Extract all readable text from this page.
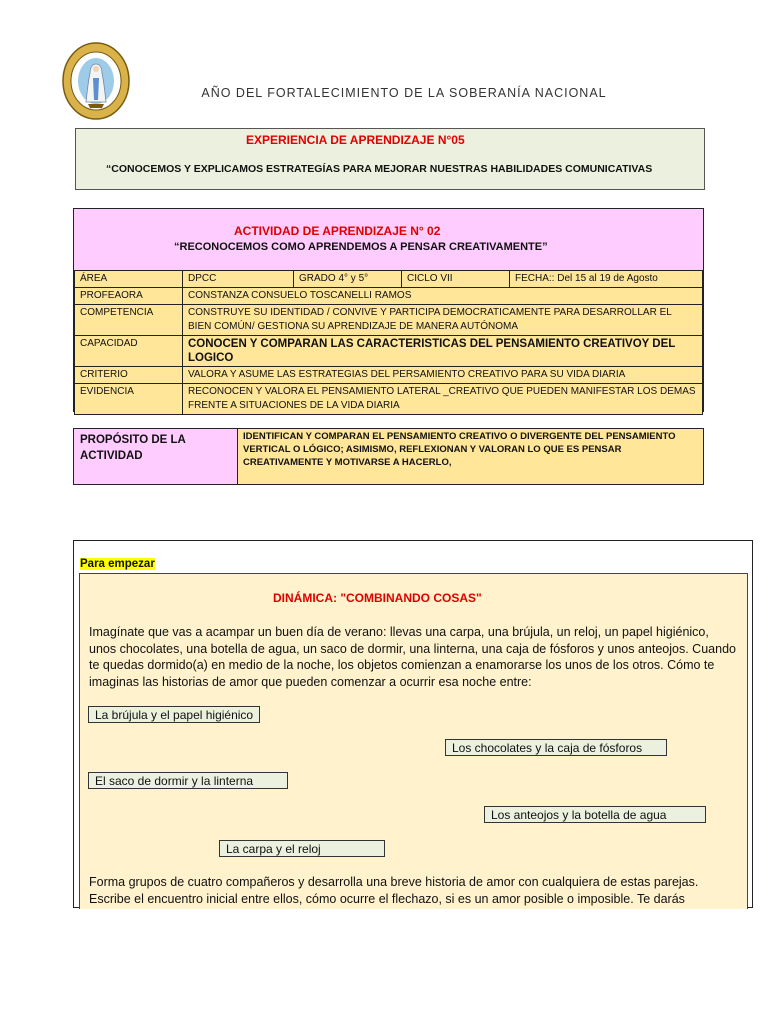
AÑO DEL FORTALECIMIENTO DE LA SOBERANÍA NACIONAL
EXPERIENCIA DE APRENDIZAJE N°05
“CONOCEMOS Y EXPLICAMOS ESTRATEGÍAS PARA MEJORAR NUESTRAS HABILIDADES COMUNICATIVAS
ACTIVIDAD DE APRENDIZAJE N° 02
“RECONOCEMOS COMO APRENDEMOS A PENSAR CREATIVAMENTE”
ÁREA	DPCC	GRADO 4° y 5°	CICLO VII	FECHA:: Del 15 al 19 de Agosto
PROFEAORA	CONSTANZA CONSUELO TOSCANELLI RAMOS			
COMPETENCIA	CONSTRUYE SU IDENTIDAD / CONVIVE Y PARTICIPA DEMOCRATICAMENTE PARA DESARROLLAR EL BIEN COMÚN/ GESTIONA SU APRENDIZAJE DE MANERA AUTÓNOMA			
CAPACIDAD	CONOCEN Y COMPARAN LAS CARACTERISTICAS DEL PENSAMIENTO CREATIVOY DEL LOGICO			
CRITERIO	VALORA Y ASUME LAS ESTRATEGIAS DEL PERSAMIENTO CREATIVO PARA SU VIDA DIARIA			
EVIDENCIA	RECONOCEN Y VALORA EL PENSAMIENTO LATERAL _CREATIVO QUE PUEDEN MANIFESTAR LOS DEMAS FRENTE A SITUACIONES DE LA VIDA DIARIA			
PROPÓSITO DE LA ACTIVIDAD
IDENTIFICAN Y COMPARAN EL PENSAMIENTO CREATIVO O DIVERGENTE DEL PENSAMIENTO VERTICAL O LÓGICO; ASIMISMO, REFLEXIONAN Y VALORAN LO QUE ES PENSAR CREATIVAMENTE Y MOTIVARSE A HACERLO,
Para empezar
DINÁMICA: "COMBINANDO COSAS"
Imagínate que vas a acampar un buen día de verano: llevas una carpa, una brújula, un reloj, un papel higiénico, unos chocolates, una botella de agua, un saco de dormir, una linterna, una caja de fósforos y unos anteojos. Cuando te quedas dormido(a) en medio de la noche, los objetos comienzan a enamorarse los unos de los otros. Cómo te imaginas las historias de amor que pueden comenzar a ocurrir esa noche entre:
La brújula y el papel higiénico
Los chocolates y la caja de fósforos
El saco de dormir y la linterna
Los anteojos y la botella de agua
La carpa y el reloj
Forma grupos de cuatro compañeros y desarrolla una breve historia de amor con cualquiera de estas parejas. Escribe el encuentro inicial entre ellos, cómo ocurre el flechazo, si es un amor posible o imposible. Te darás
